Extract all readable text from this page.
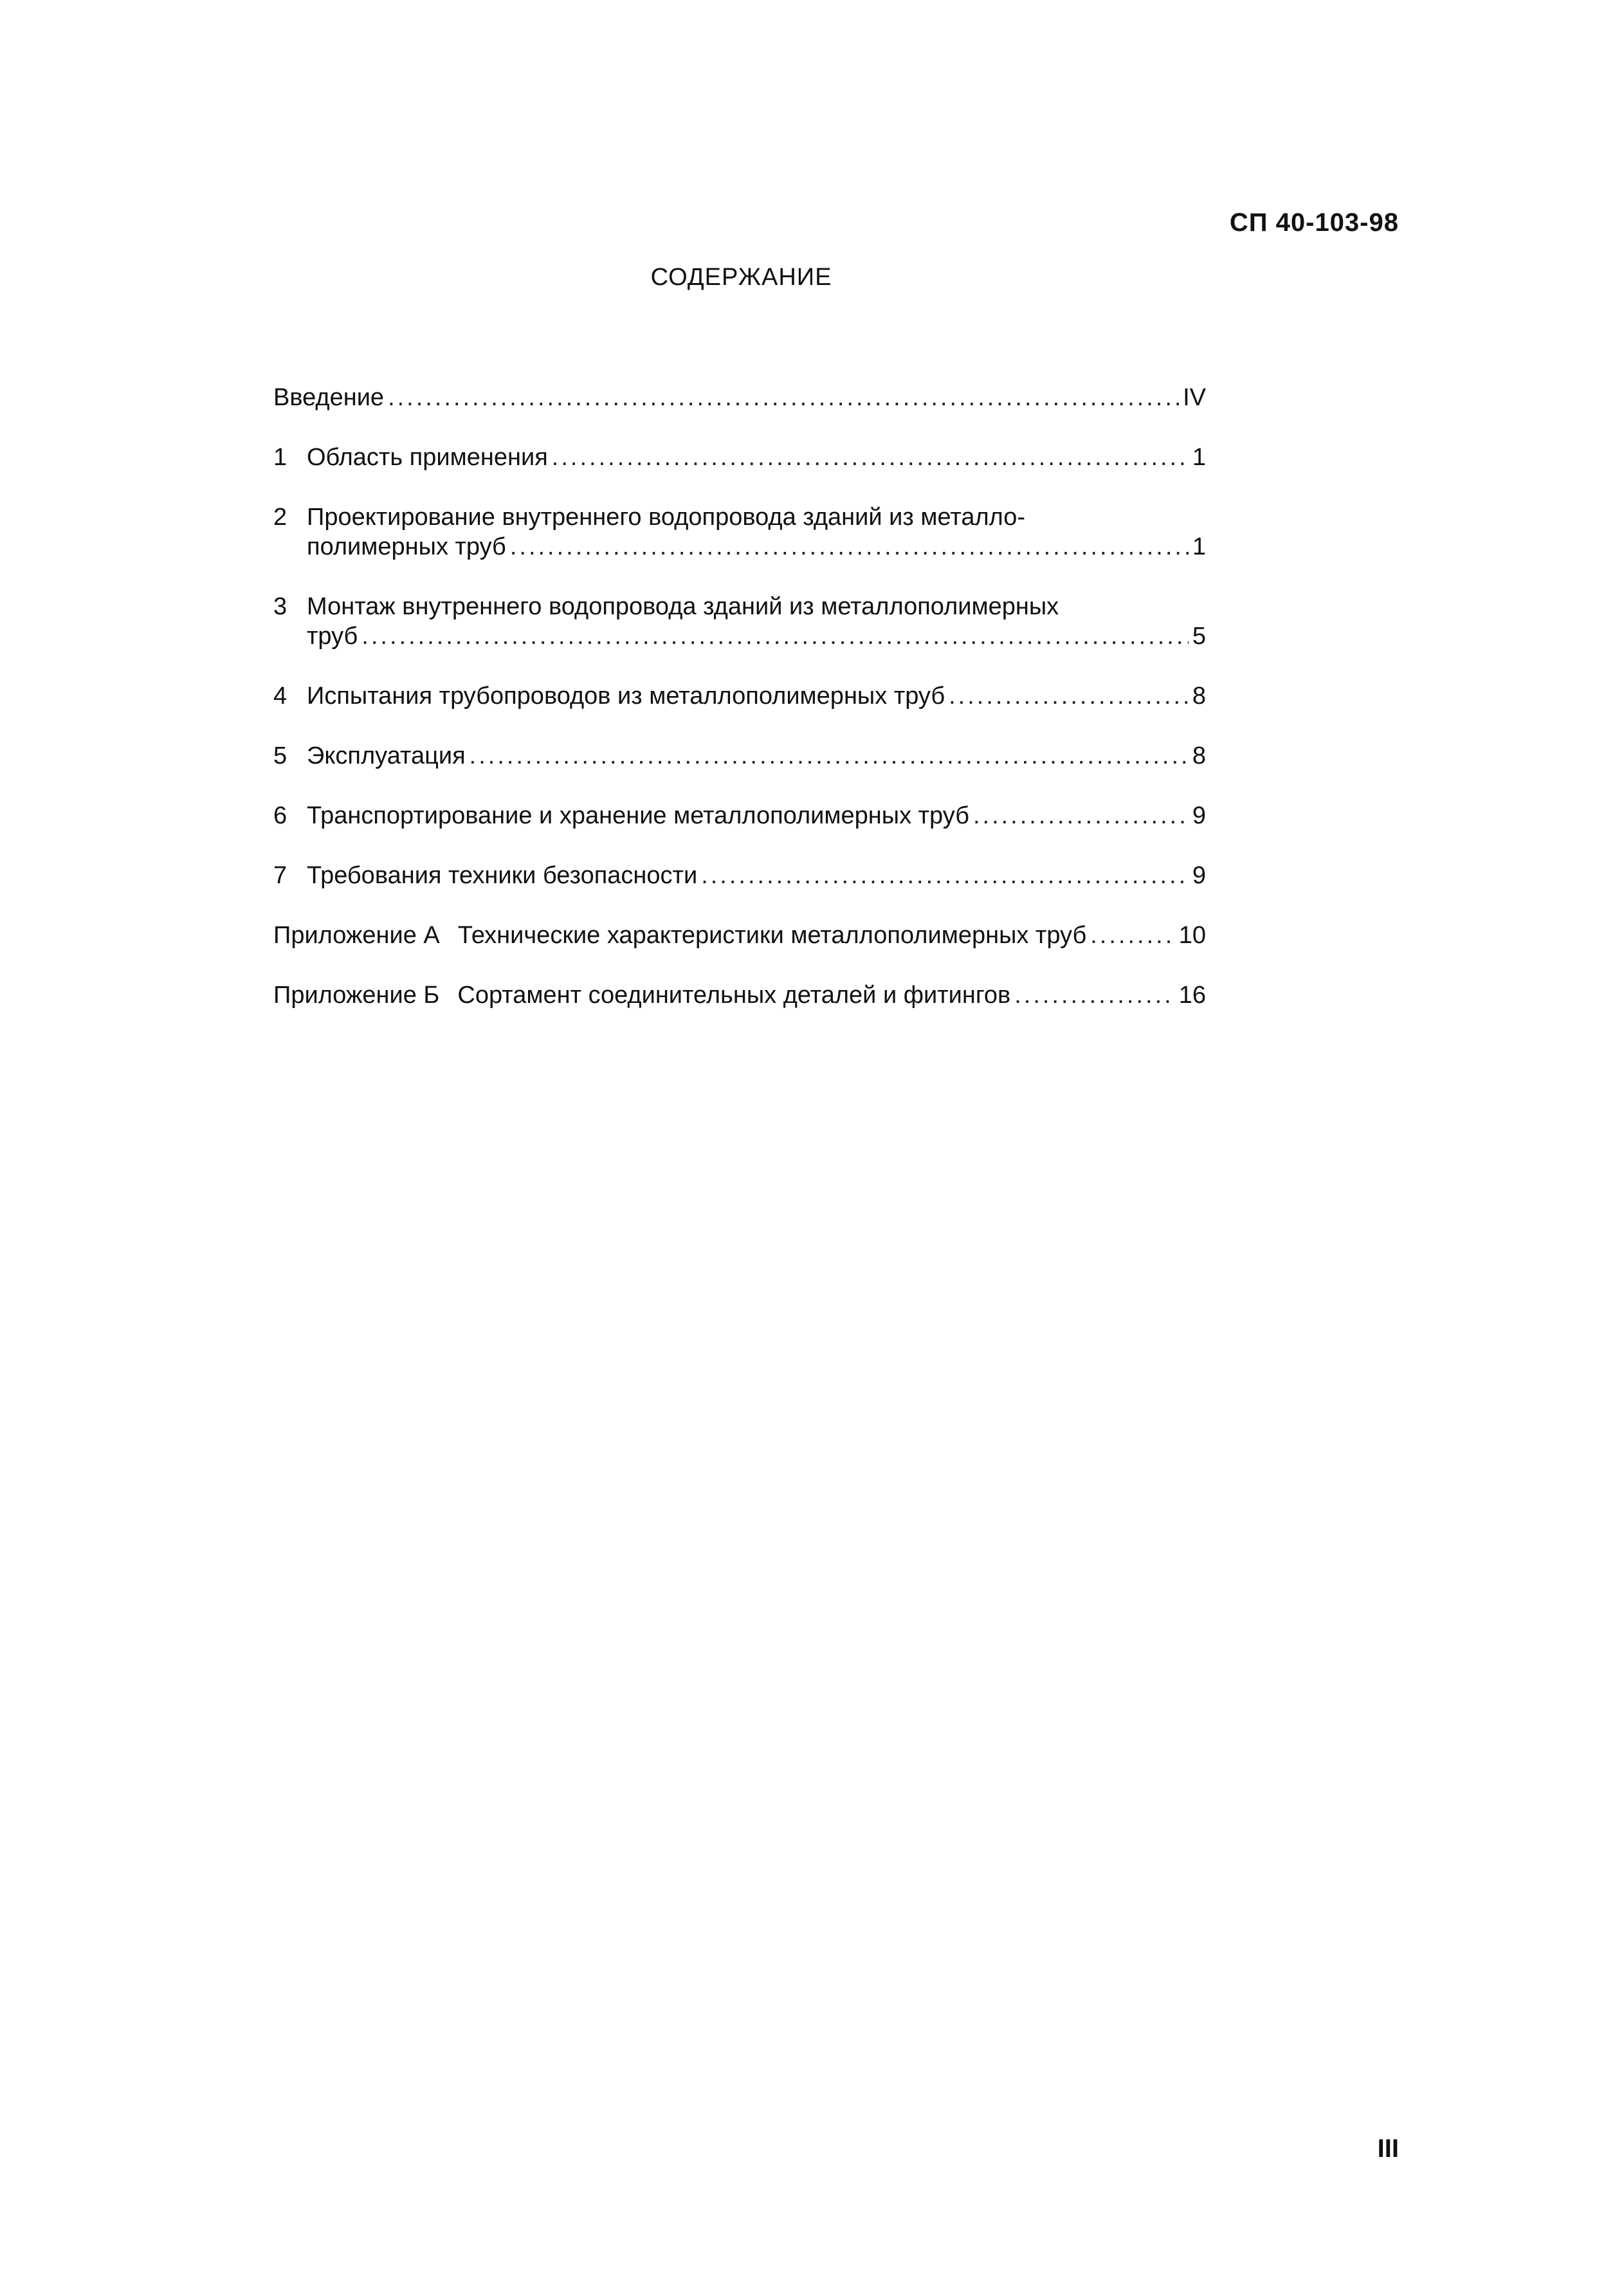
СП 40-103-98
СОДЕРЖАНИЕ
Введение .....	IV
1 Область применения .....	1
2 Проектирование внутреннего водопровода зданий из металло-
полимерных труб .....	1
3 Монтаж внутреннего водопровода зданий из металлополимерных
труб .....	5
4 Испытания трубопроводов из металлополимерных труб .....	8
5 Эксплуатация .....	8
6 Транспортирование и хранение металлополимерных труб .....	9
7 Требования техники безопасности .....	9
Приложение А Технические характеристики металлополимерных труб .....	10
Приложение Б Сортамент соединительных деталей и фитингов .....	16
III
